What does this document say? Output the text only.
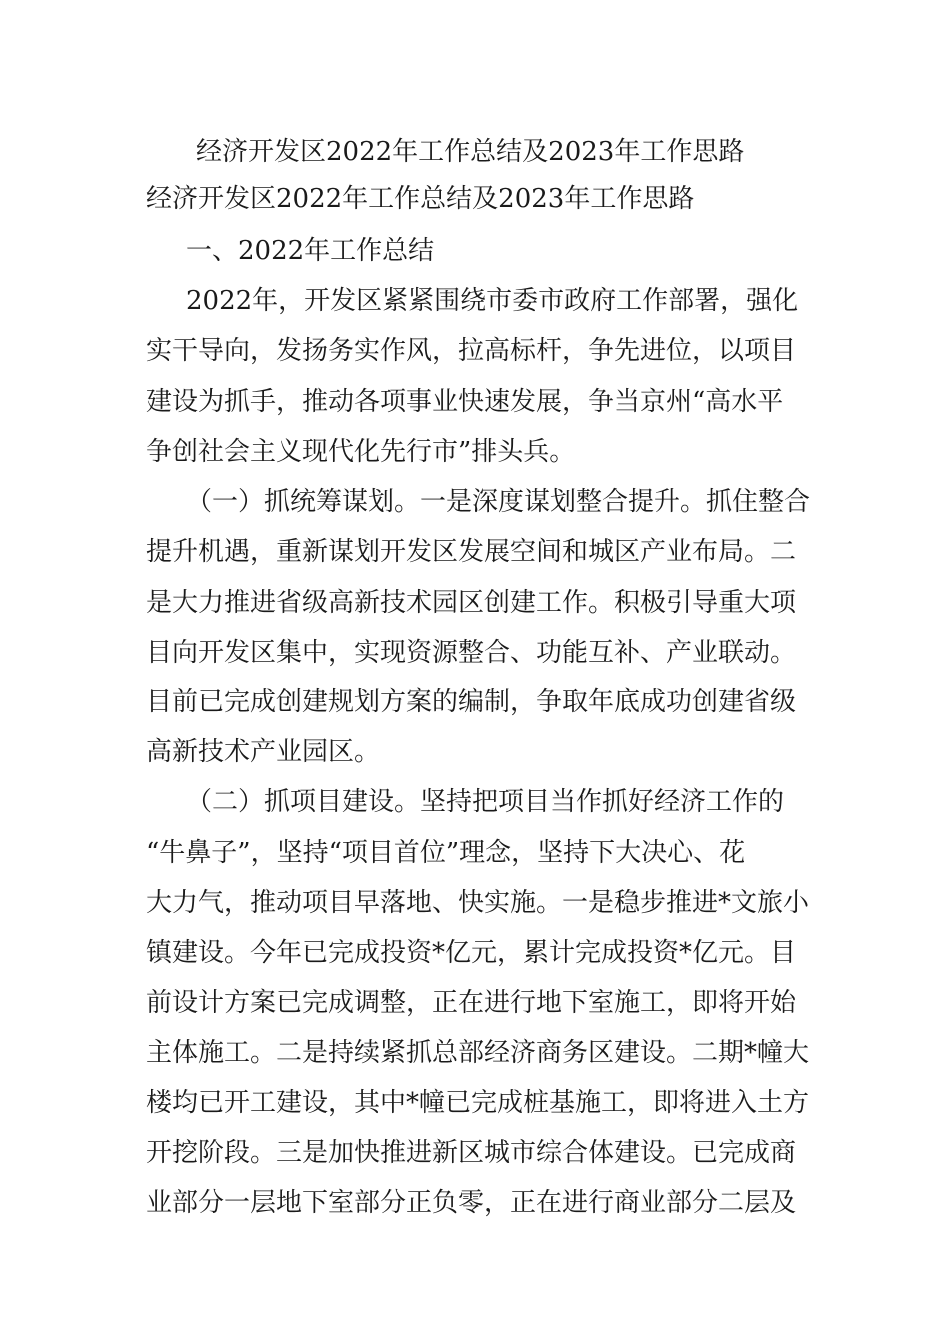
经济开发区2022年工作总结及2023年工作思路
经济开发区2022年工作总结及2023年工作思路
一、2022年工作总结
2022年，开发区紧紧围绕市委市政府工作部署，强化
实干导向，发扬务实作风，拉高标杆，争先进位，以项目
建设为抓手，推动各项事业快速发展，争当京州“高水平
争创社会主义现代化先行市”排头兵。
（一）抓统筹谋划。一是深度谋划整合提升。抓住整合
提升机遇，重新谋划开发区发展空间和城区产业布局。二
是大力推进省级高新技术园区创建工作。积极引导重大项
目向开发区集中，实现资源整合、功能互补、产业联动。
目前已完成创建规划方案的编制，争取年底成功创建省级
高新技术产业园区。
（二）抓项目建设。坚持把项目当作抓好经济工作的
“牛鼻子”，坚持“项目首位”理念，坚持下大决心、花
大力气，推动项目早落地、快实施。一是稳步推进*文旅小
镇建设。今年已完成投资*亿元，累计完成投资*亿元。目
前设计方案已完成调整，正在进行地下室施工，即将开始
主体施工。二是持续紧抓总部经济商务区建设。二期*幢大
楼均已开工建设，其中*幢已完成桩基施工，即将进入土方
开挖阶段。三是加快推进新区城市综合体建设。已完成商
业部分一层地下室部分正负零，正在进行商业部分二层及
